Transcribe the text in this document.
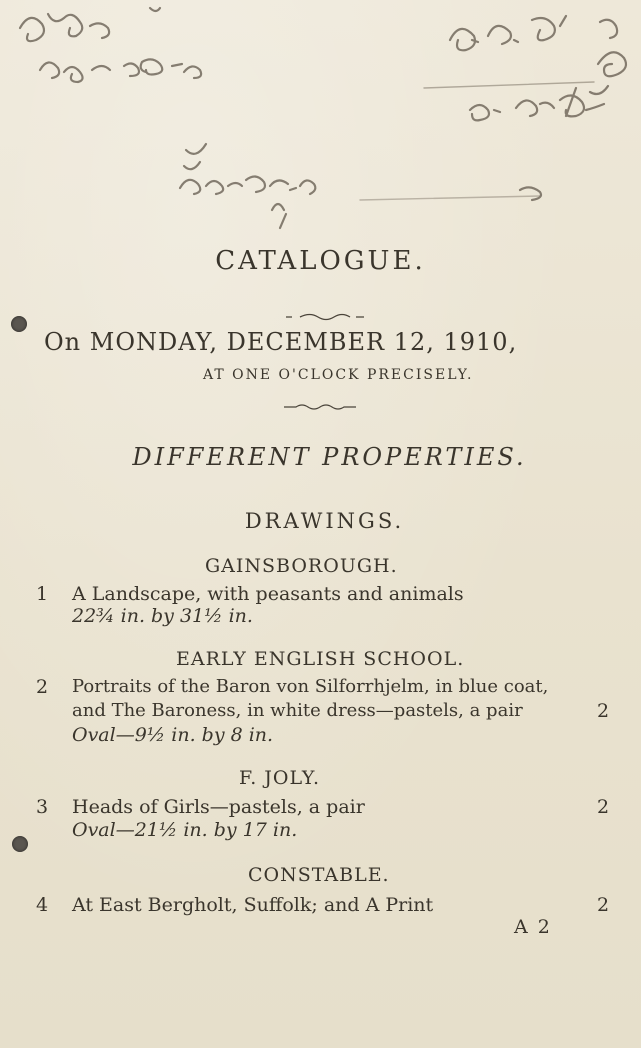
CATALOGUE.
On MONDAY, DECEMBER 12, 1910,
AT ONE O'CLOCK PRECISELY.
DIFFERENT PROPERTIES.
DRAWINGS.
GAINSBOROUGH.
1 A Landscape, with peasants and animals
22¾ in. by 31½ in.
EARLY ENGLISH SCHOOL.
2 Portraits of the Baron von Silforrhjelm, in blue coat,
and The Baroness, in white dress—pastels, a pair	2
Oval—9½ in. by 8 in.
F. JOLY.
3 Heads of Girls—pastels, a pair	2
Oval—21½ in. by 17 in.
CONSTABLE.
4 At East Bergholt, Suffolk; and A Print	2
A 2
